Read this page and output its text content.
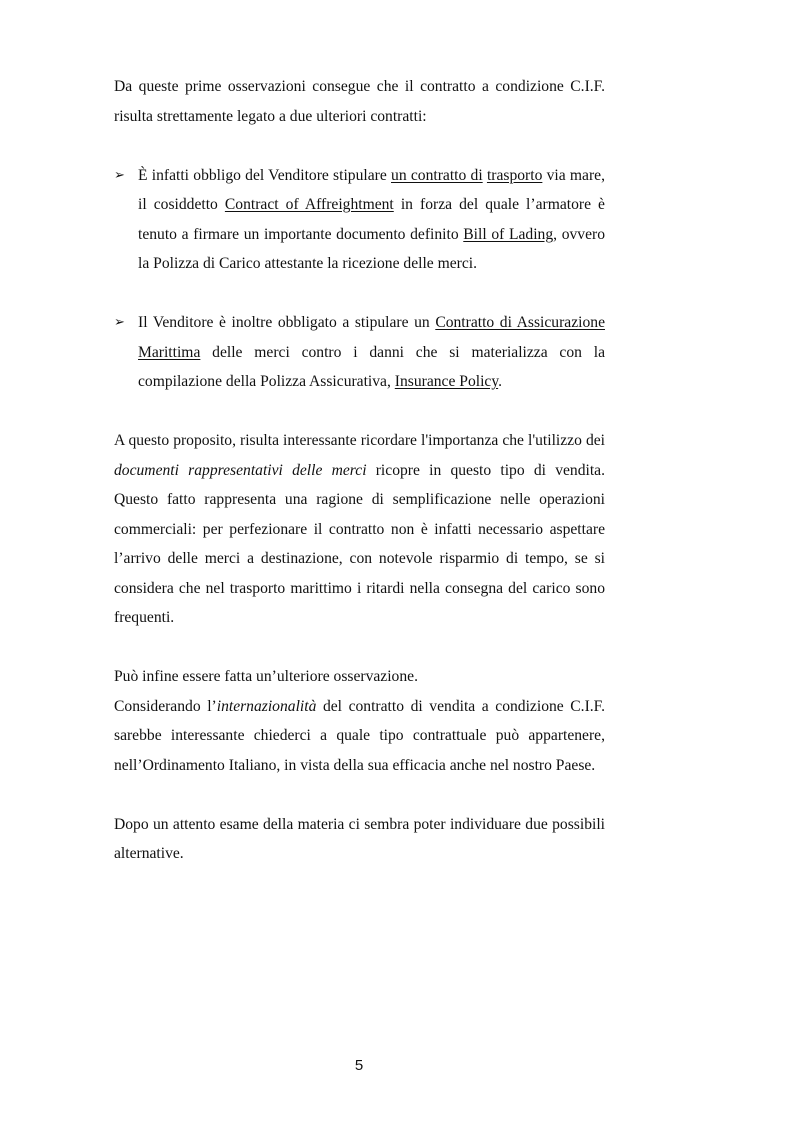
Da queste prime osservazioni consegue che il contratto a condizione C.I.F. risulta strettamente legato a due ulteriori contratti:

➢ È infatti obbligo del Venditore stipulare un contratto di trasporto via mare, il cosiddetto Contract of Affreightment in forza del quale l’armatore è tenuto a firmare un importante documento definito Bill of Lading, ovvero la Polizza di Carico attestante la ricezione delle merci.

➢ Il Venditore è inoltre obbligato a stipulare un Contratto di Assicurazione Marittima delle merci contro i danni che si materializza con la compilazione della Polizza Assicurativa, Insurance Policy.

A questo proposito, risulta interessante ricordare l'importanza che l'utilizzo dei documenti rappresentativi delle merci ricopre in questo tipo di vendita. Questo fatto rappresenta una ragione di semplificazione nelle operazioni commerciali: per perfezionare il contratto non è infatti necessario aspettare l’arrivo delle merci a destinazione, con notevole risparmio di tempo, se si considera che nel trasporto marittimo i ritardi nella consegna del carico sono frequenti.

Può infine essere fatta un’ulteriore osservazione.

Considerando l’internazionalità del contratto di vendita a condizione C.I.F. sarebbe interessante chiederci a quale tipo contrattuale può appartenere, nell’Ordinamento Italiano, in vista della sua efficacia anche nel nostro Paese.

Dopo un attento esame della materia ci sembra poter individuare due possibili alternative.

5
